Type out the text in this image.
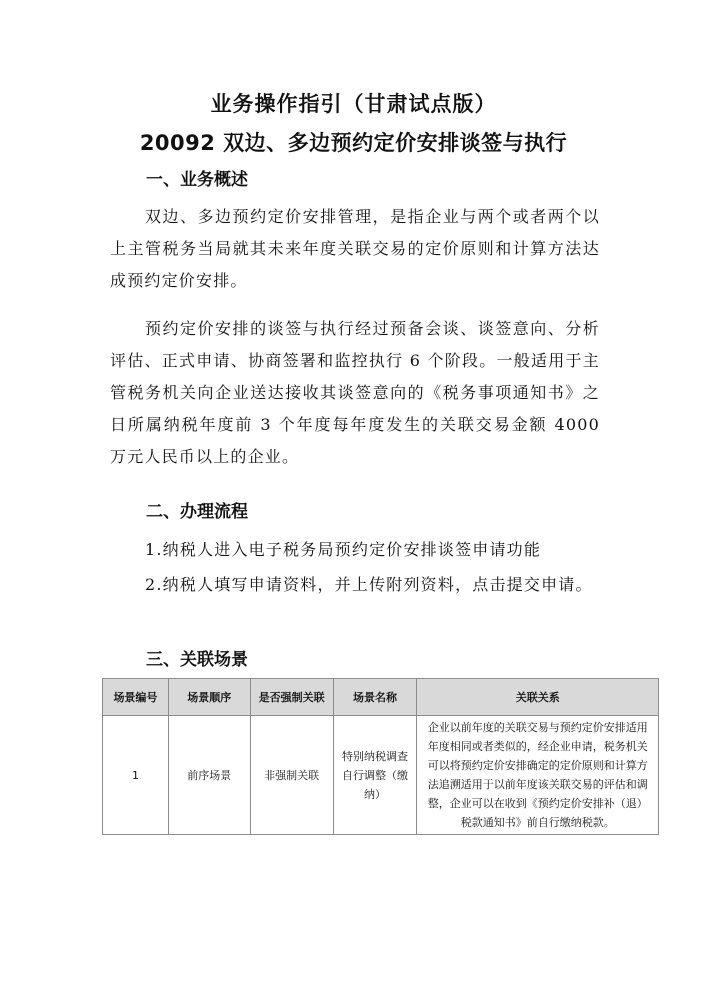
业务操作指引（甘肃试点版）
20092 双边、多边预约定价安排谈签与执行
一、业务概述

双边、多边预约定价安排管理，是指企业与两个或者两个以上主管税务当局就其未来年度关联交易的定价原则和计算方法达成预约定价安排。

预约定价安排的谈签与执行经过预备会谈、谈签意向、分析评估、正式申请、协商签署和监控执行 6 个阶段。一般适用于主管税务机关向企业送达接收其谈签意向的《税务事项通知书》之日所属纳税年度前 3 个年度每年度发生的关联交易金额 4000 万元人民币以上的企业。

二、办理流程

1.纳税人进入电子税务局预约定价安排谈签申请功能

2.纳税人填写申请资料，并上传附列资料，点击提交申请。

三、关联场景
场景编号	场景顺序	是否强制关联	场景名称	关联关系
1	前序场景	非强制关联	特别纳税调查自行调整（缴纳）	企业以前年度的关联交易与预约定价安排适用年度相同或者类似的，经企业申请，税务机关可以将预约定价安排确定的定价原则和计算方法追溯适用于以前年度该关联交易的评估和调整，企业可以在收到《预约定价安排补（退）税款通知书》前自行缴纳税款。
